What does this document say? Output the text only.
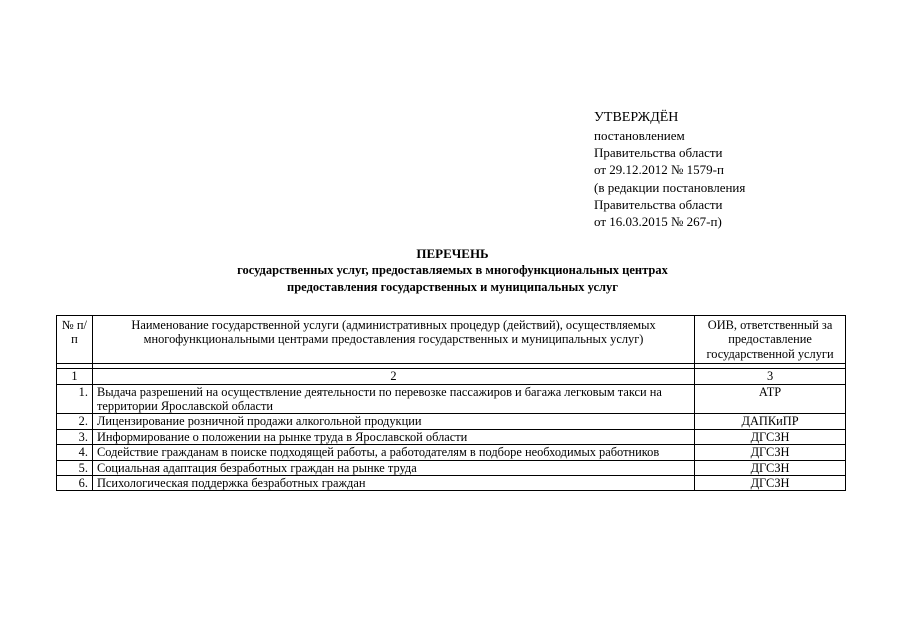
УТВЕРЖДЁН
постановлением
Правительства области
от 29.12.2012 № 1579-п
(в редакции постановления
Правительства области
от 16.03.2015 № 267-п)
ПЕРЕЧЕНЬ
государственных услуг, предоставляемых в многофункциональных центрах
предоставления государственных и муниципальных услуг
№ п/п	Наименование государственной услуги (административных процедур (действий), осуществляемых многофункциональными центрами предоставления государственных и муниципальных услуг)	ОИВ, ответственный за предоставление государственной услуги

1	2	3
1.	Выдача разрешений на осуществление деятельности по перевозке пассажиров и багажа легковым такси на территории Ярославской области	АТР
2.	Лицензирование розничной продажи алкогольной продукции	ДАПКиПР
3.	Информирование о положении на рынке труда в Ярославской области	ДГСЗН
4.	Содействие гражданам в поиске подходящей работы, а работодателям в подборе необходимых работников	ДГСЗН
5.	Социальная адаптация безработных граждан на рынке труда	ДГСЗН
6.	Психологическая поддержка безработных граждан	ДГСЗН
